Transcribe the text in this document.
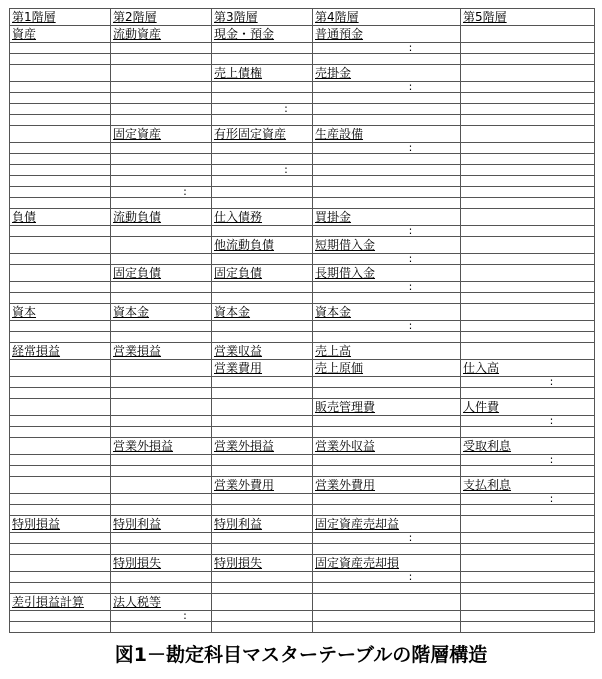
第1階層	第2階層	第3階層	第4階層	第5階層
資産	流動資産	現金・預金	普通預金	
			:	

		売上債権	売掛金	
			:	

		:		

	固定資産	有形固定資産	生産設備	
			:	

		:		

	:			

負債	流動負債	仕入債務	買掛金	
			:	
		他流動負債	短期借入金	
			:	
	固定負債	固定負債	長期借入金	
			:	

資本	資本金	資本金	資本金	
			:	

経常損益	営業損益	営業収益	売上高	
		営業費用	売上原価	仕入高
				:

			販売管理費	人件費
				:

	営業外損益	営業外損益	営業外収益	受取利息
				:

		営業外費用	営業外費用	支払利息
				:

特別損益	特別利益	特別利益	固定資産売却益	
			:	

	特別損失	特別損失	固定資産売却損	
			:	

差引損益計算	法人税等			
	:			

図1－勘定科目マスターテーブルの階層構造
